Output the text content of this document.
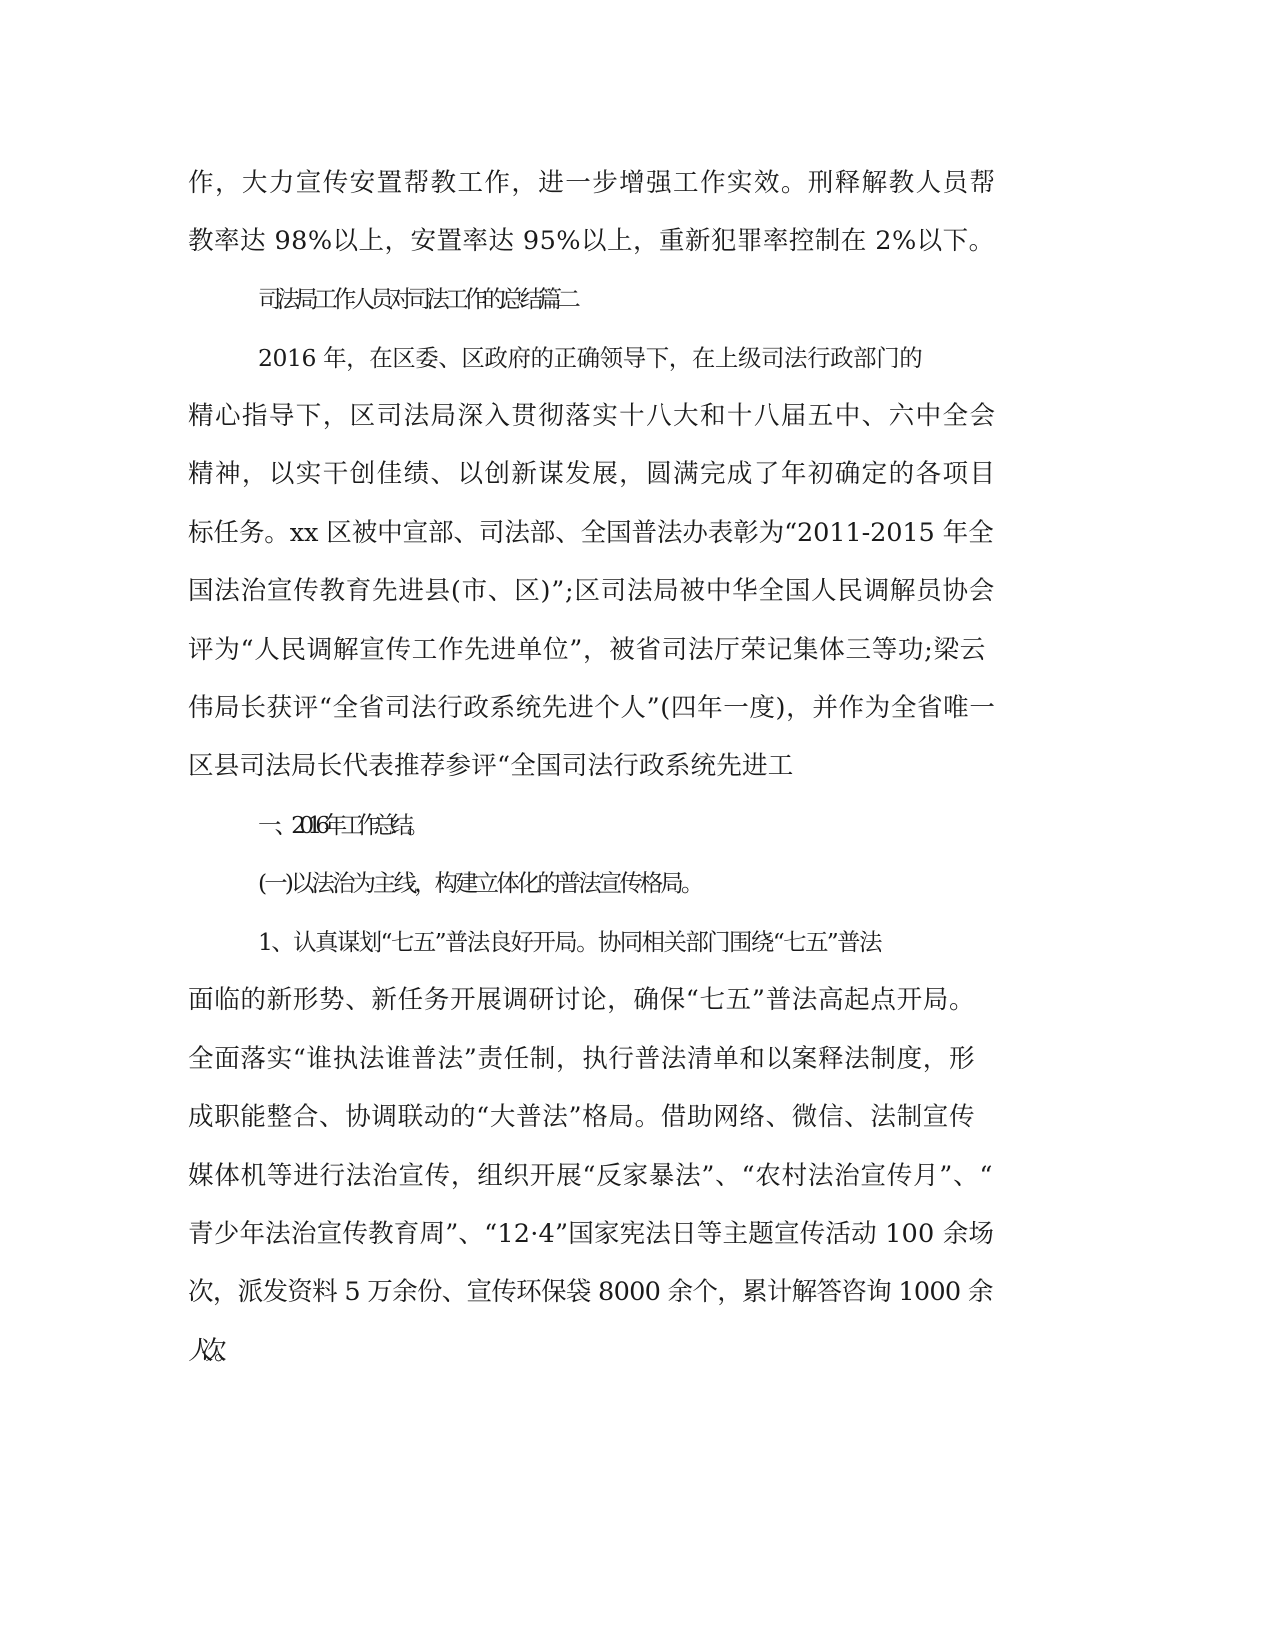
作，大力宣传安置帮教工作，进一步增强工作实效。刑释解教人员帮
教率达 98%以上，安置率达 95%以上，重新犯罪率控制在 2%以下。
司法局工作人员对司法工作的总结篇二
2016 年，在区委、区政府的正确领导下，在上级司法行政部门的
精心指导下，区司法局深入贯彻落实十八大和十八届五中、六中全会
精神，以实干创佳绩、以创新谋发展，圆满完成了年初确定的各项目
标任务。xx 区被中宣部、司法部、全国普法办表彰为“2011-2015 年全
国法治宣传教育先进县(市、区)”;区司法局被中华全国人民调解员协会
评为“人民调解宣传工作先进单位”，被省司法厅荣记集体三等功;梁云
伟局长获评“全省司法行政系统先进个人”(四年一度)，并作为全省唯一
区县司法局长代表推荐参评“全国司法行政系统先进工
一、2016 年工作总结。
(一)以法治为主线，构建立体化的普法宣传格局。
1、认真谋划“七五”普法良好开局。协同相关部门围绕“七五”普法
面临的新形势、新任务开展调研讨论，确保“七五”普法高起点开局。
全面落实“谁执法谁普法”责任制，执行普法清单和以案释法制度，形
成职能整合、协调联动的“大普法”格局。借助网络、微信、法制宣传
媒体机等进行法治宣传，组织开展“反家暴法”、“农村法治宣传月”、“
青少年法治宣传教育周”、“12·4”国家宪法日等主题宣传活动 100 余场
次，派发资料 5 万余份、宣传环保袋 8000 余个，累计解答咨询 1000 余
人次。
